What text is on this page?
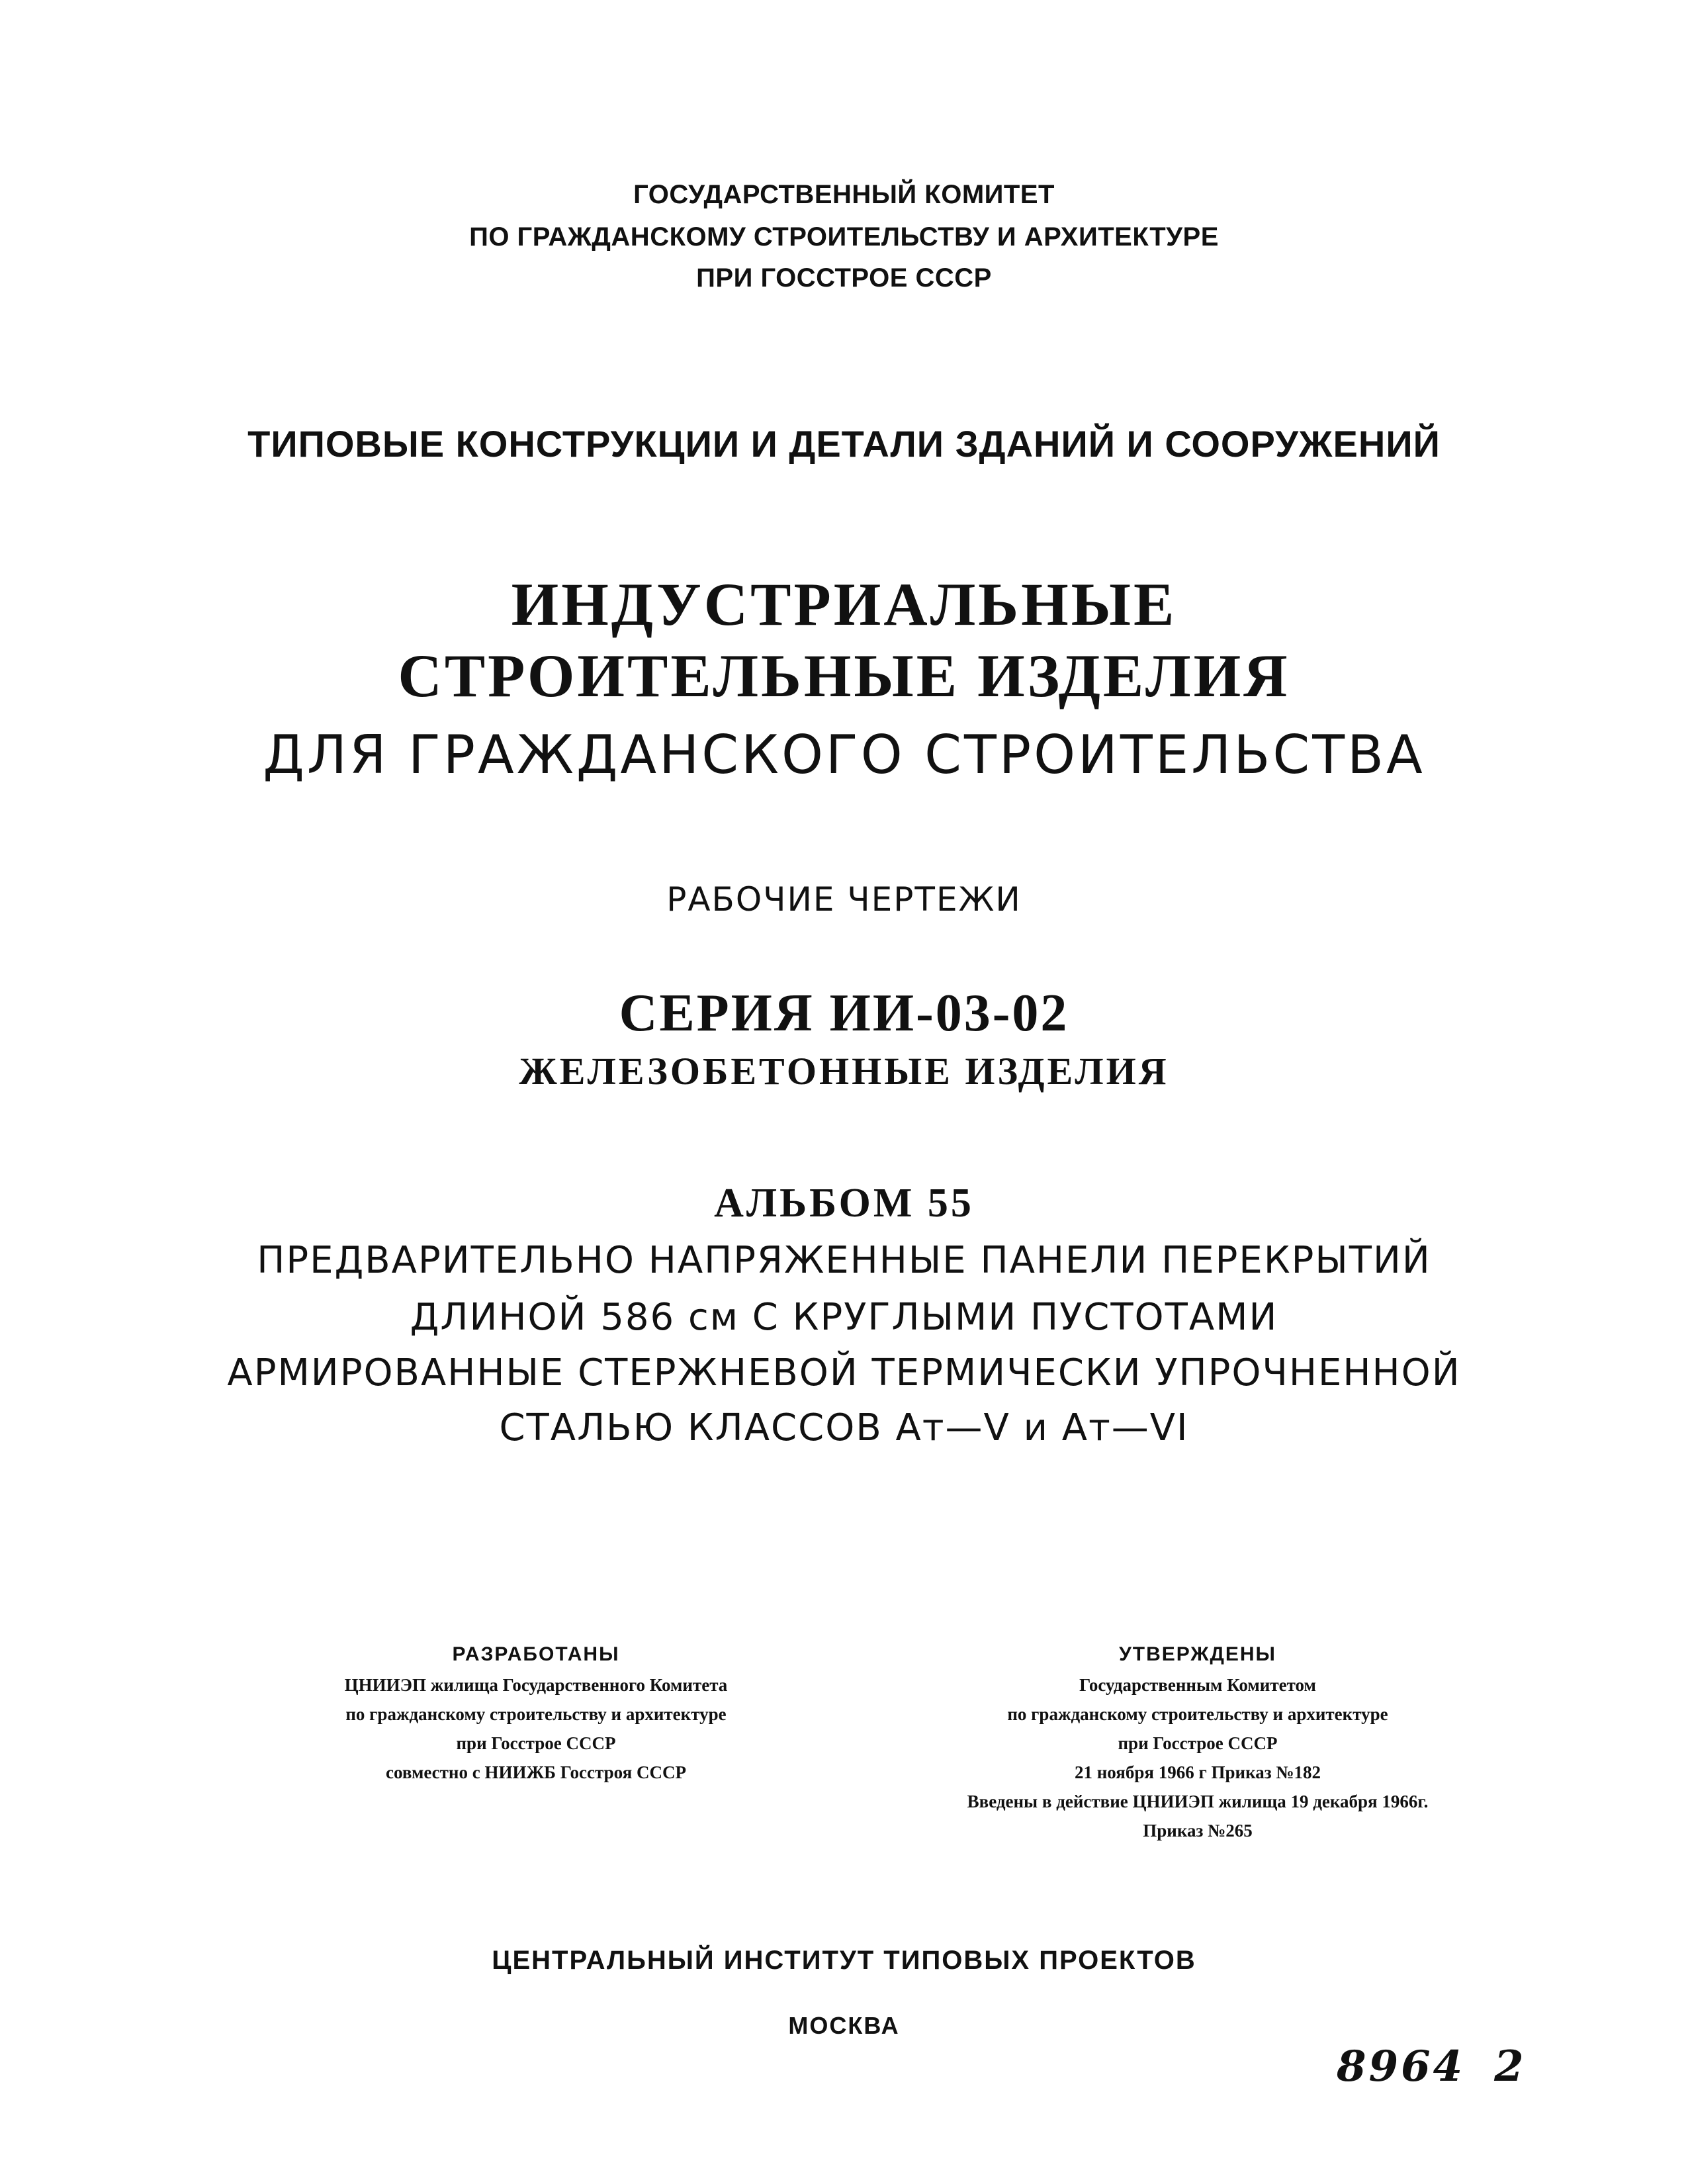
ГОСУДАРСТВЕННЫЙ КОМИТЕТ
ПО ГРАЖДАНСКОМУ СТРОИТЕЛЬСТВУ И АРХИТЕКТУРЕ
ПРИ ГОССТРОЕ СССР
ТИПОВЫЕ КОНСТРУКЦИИ И ДЕТАЛИ ЗДАНИЙ И СООРУЖЕНИЙ
ИНДУСТРИАЛЬНЫЕ
СТРОИТЕЛЬНЫЕ ИЗДЕЛИЯ
ДЛЯ ГРАЖДАНСКОГО СТРОИТЕЛЬСТВА
РАБОЧИЕ ЧЕРТЕЖИ
СЕРИЯ ИИ-03-02
ЖЕЛЕЗОБЕТОННЫЕ ИЗДЕЛИЯ
АЛЬБОМ 55
ПРЕДВАРИТЕЛЬНО НАПРЯЖЕННЫЕ ПАНЕЛИ ПЕРЕКРЫТИЙ
ДЛИНОЙ 586 см С КРУГЛЫМИ ПУСТОТАМИ
АРМИРОВАННЫЕ СТЕРЖНЕВОЙ ТЕРМИЧЕСКИ УПРОЧНЕННОЙ
СТАЛЬЮ КЛАССОВ Ат—V и Ат—VI
РАЗРАБОТАНЫ
ЦНИИЭП жилища Государственного Комитета
по гражданскому строительству и архитектуре
при Госстрое СССР
совместно с НИИЖБ Госстроя СССР
УТВЕРЖДЕНЫ
Государственным Комитетом
по гражданскому строительству и архитектуре
при Госстрое СССР
21 ноября 1966 г Приказ №182
Введены в действие ЦНИИЭП жилища 19 декабря 1966г.
Приказ №265
ЦЕНТРАЛЬНЫЙ ИНСТИТУТ ТИПОВЫХ ПРОЕКТОВ
МОСКВА
8964 2
